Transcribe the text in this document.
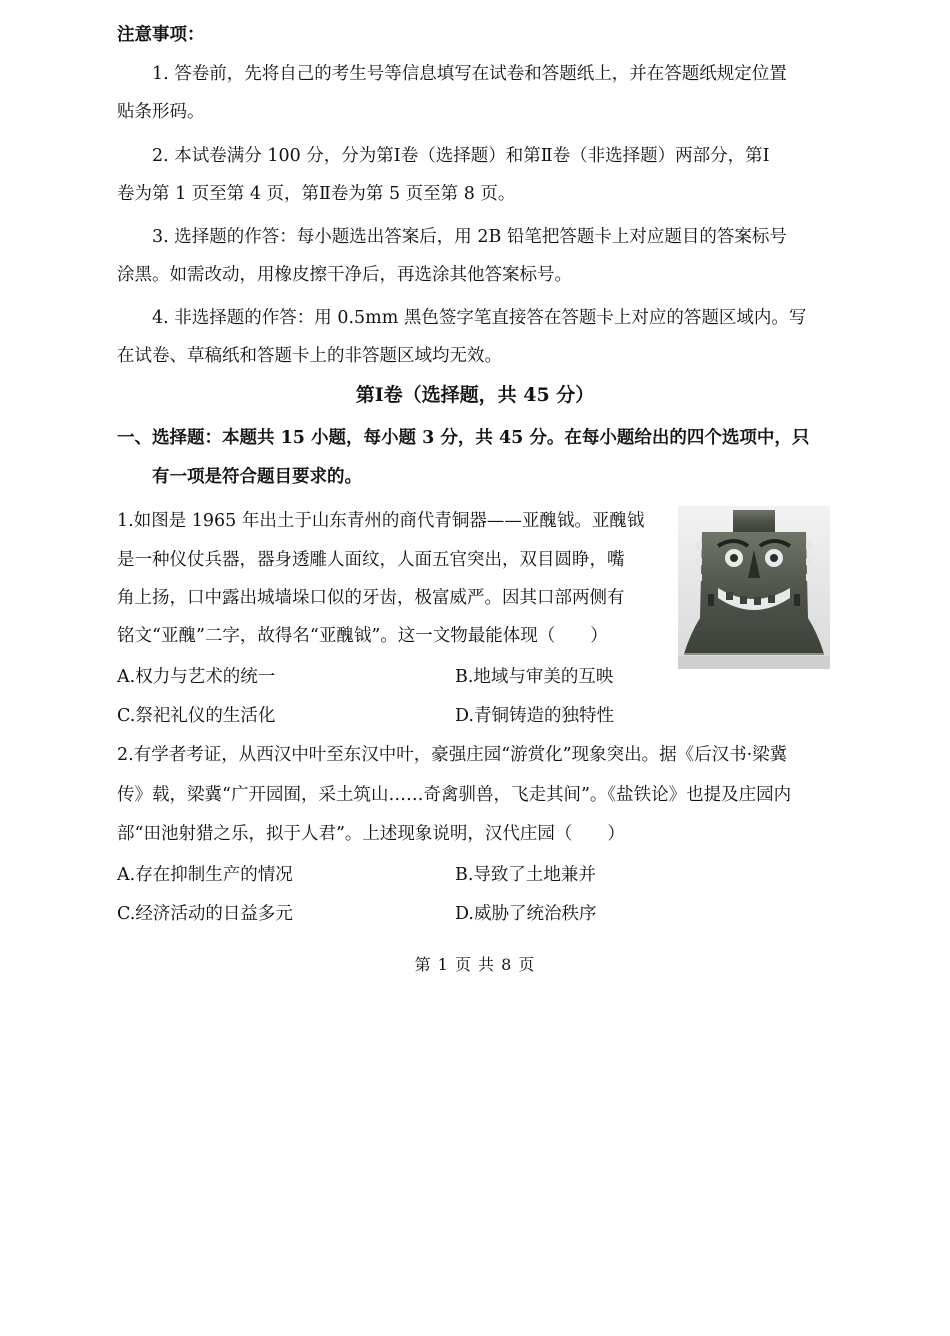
注意事项：
1. 答卷前，先将自己的考生号等信息填写在试卷和答题纸上，并在答题纸规定位置
贴条形码。
2. 本试卷满分 100 分，分为第Ⅰ卷（选择题）和第Ⅱ卷（非选择题）两部分，第Ⅰ
卷为第 1 页至第 4 页，第Ⅱ卷为第 5 页至第 8 页。
3. 选择题的作答：每小题选出答案后，用 2B 铅笔把答题卡上对应题目的答案标号
涂黑。如需改动，用橡皮擦干净后，再选涂其他答案标号。
4. 非选择题的作答：用 0.5mm 黑色签字笔直接答在答题卡上对应的答题区域内。写
在试卷、草稿纸和答题卡上的非答题区域均无效。
第Ⅰ卷（选择题，共 45 分）
一、选择题：本题共 15 小题，每小题 3 分，共 45 分。在每小题给出的四个选项中，只
有一项是符合题目要求的。
1.如图是 1965 年出土于山东青州的商代青铜器——亚醜钺。亚醜钺
是一种仪仗兵器，器身透雕人面纹，人面五官突出，双目圆睁，嘴
角上扬，口中露出城墙垛口似的牙齿，极富威严。因其口部两侧有
铭文“亚醜”二字，故得名“亚醜钺”。这一文物最能体现（　　）
A.权力与艺术的统一	B.地域与审美的互映
C.祭祀礼仪的生活化	D.青铜铸造的独特性
2.有学者考证，从西汉中叶至东汉中叶，豪强庄园“游赏化”现象突出。据《后汉书·梁冀
传》载，梁冀“广开园囿，采土筑山……奇禽驯兽，飞走其间”。《盐铁论》也提及庄园内
部“田池射猎之乐，拟于人君”。上述现象说明，汉代庄园（　　）
A.存在抑制生产的情况	B.导致了土地兼并
C.经济活动的日益多元	D.威胁了统治秩序
第 1 页 共 8 页
